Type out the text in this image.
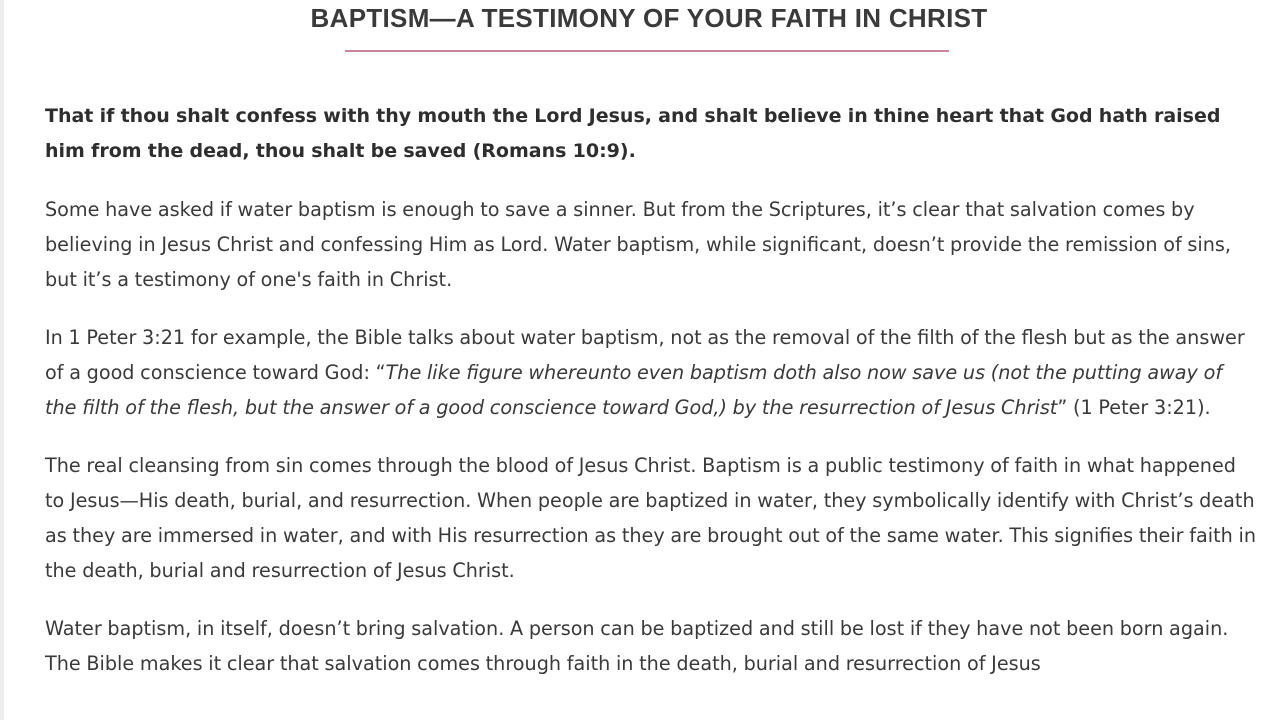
BAPTISM—A TESTIMONY OF YOUR FAITH IN CHRIST

That if thou shalt confess with thy mouth the Lord Jesus, and shalt believe in thine heart that God hath raised him from the dead, thou shalt be saved (Romans 10:9).

Some have asked if water baptism is enough to save a sinner. But from the Scriptures, it’s clear that salvation comes by believing in Jesus Christ and confessing Him as Lord. Water baptism, while significant, doesn’t provide the remission of sins, but it’s a testimony of one's faith in Christ.

In 1 Peter 3:21 for example, the Bible talks about water baptism, not as the removal of the filth of the flesh but as the answer of a good conscience toward God: “The like figure whereunto even baptism doth also now save us (not the putting away of the filth of the flesh, but the answer of a good conscience toward God,) by the resurrection of Jesus Christ” (1 Peter 3:21).

The real cleansing from sin comes through the blood of Jesus Christ. Baptism is a public testimony of faith in what happened to Jesus—His death, burial, and resurrection. When people are baptized in water, they symbolically identify with Christ’s death as they are immersed in water, and with His resurrection as they are brought out of the same water. This signifies their faith in the death, burial and resurrection of Jesus Christ.

Water baptism, in itself, doesn’t bring salvation. A person can be baptized and still be lost if they have not been born again. The Bible makes it clear that salvation comes through faith in the death, burial and resurrection of Jesus
